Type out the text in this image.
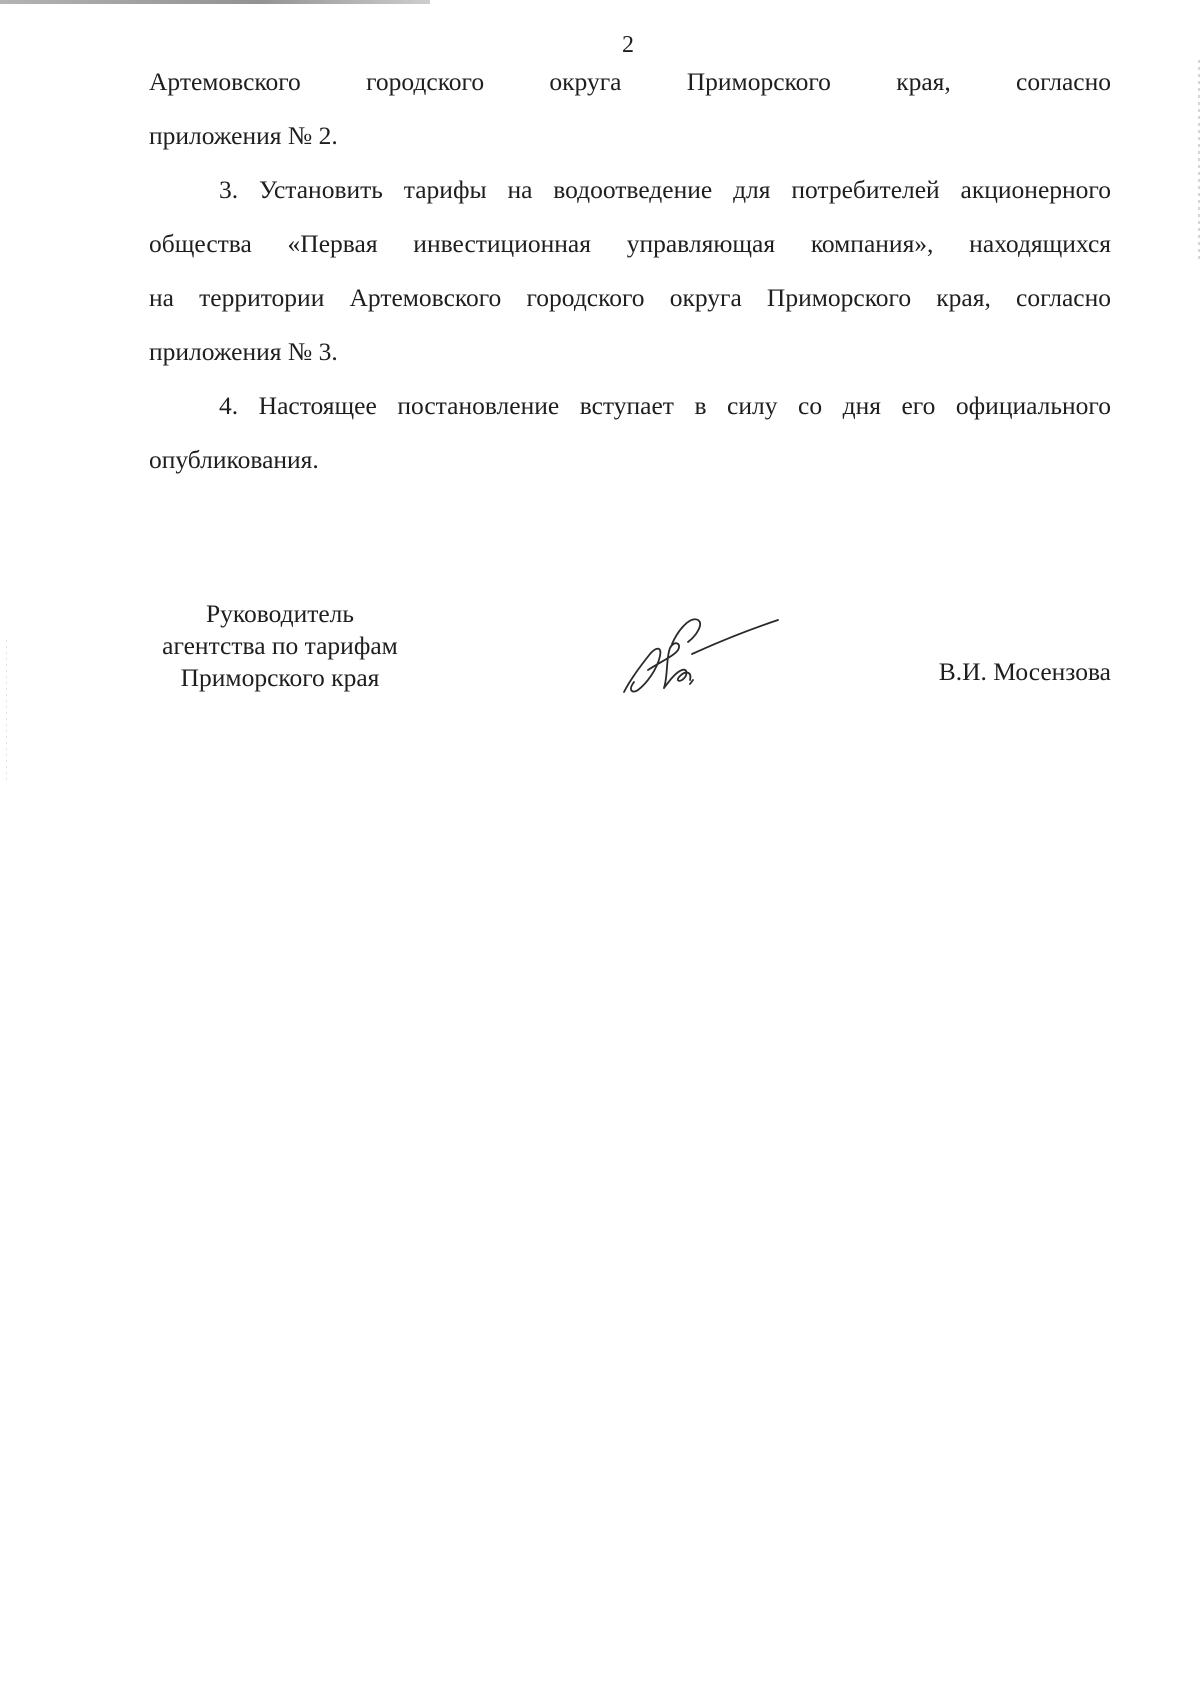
2
Артемовского	городского	округа Приморского	края,	согласно
приложения № 2.
3. Установить тарифы на водоотведение для потребителей акционерного
общества «Первая инвестиционная управляющая компания», находящихся
на территории Артемовского городского округа Приморского края, согласно
приложения № 3.
4. Настоящее постановление вступает в силу со дня его официального
опубликования.
Руководитель
агентства по тарифам
Приморского края	В.И. Мосензова
